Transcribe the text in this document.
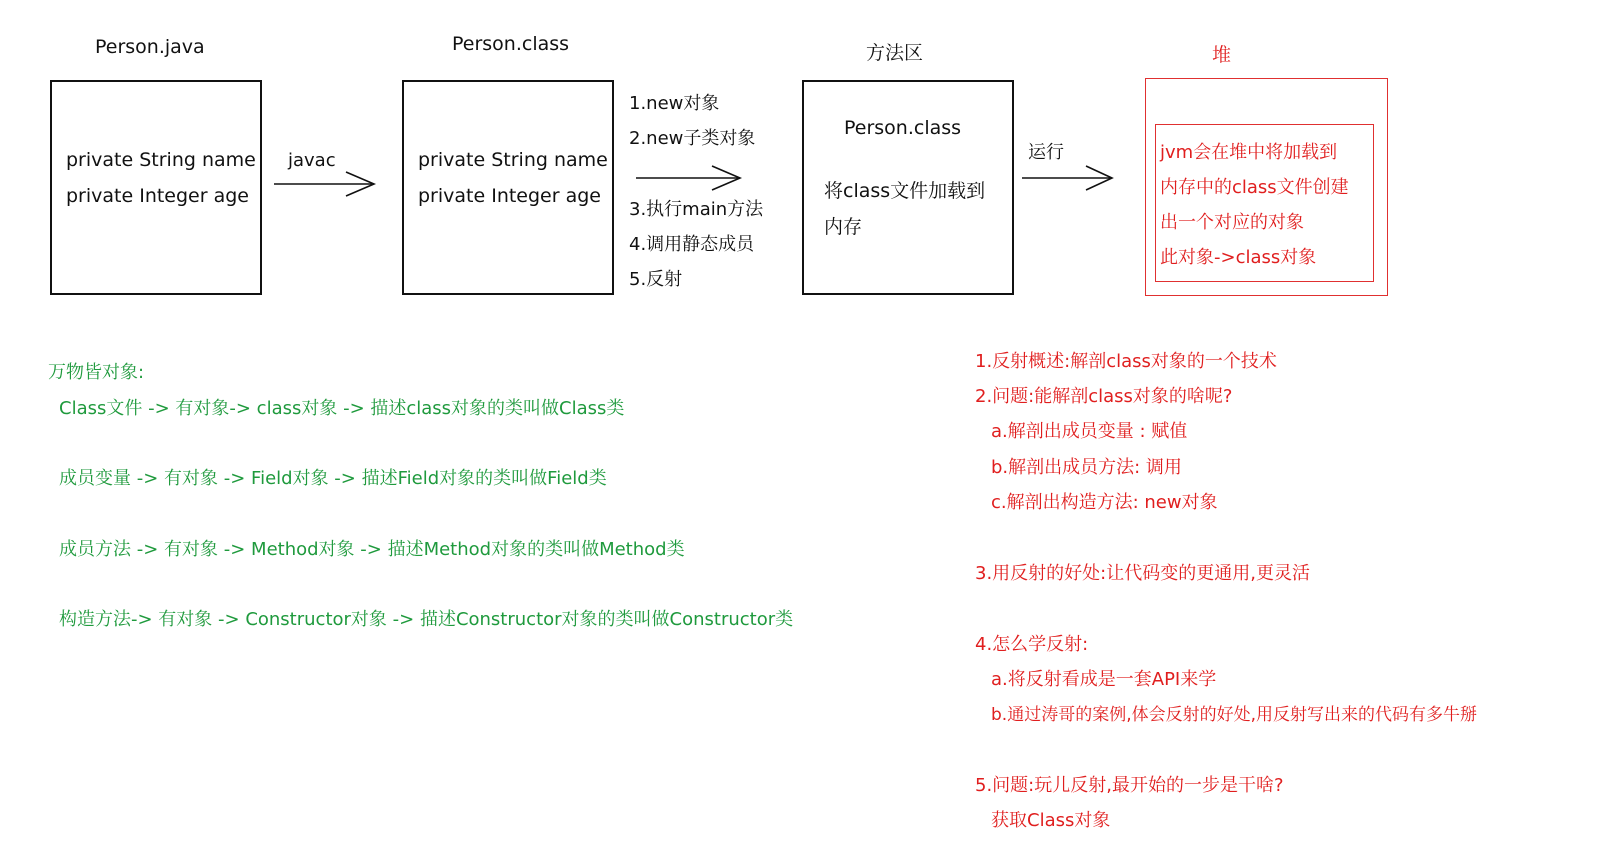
Person.java	Person.class	方法区	堆
private String name
private Integer age
javac	private String name
private Integer age
1.new对象
2.new子类对象
3.执行main方法
4.调用静态成员
5.反射
Person.class
将class文件加载到
内存
运行	jvm会在堆中将加载到
内存中的class文件创建
出一个对应的对象
此对象->class对象
万物皆对象:
Class文件 -> 有对象-> class对象 -> 描述class对象的类叫做Class类
成员变量 -> 有对象 -> Field对象 -> 描述Field对象的类叫做Field类
成员方法 -> 有对象 -> Method对象 -> 描述Method对象的类叫做Method类
构造方法-> 有对象 -> Constructor对象 -> 描述Constructor对象的类叫做Constructor类
1.反射概述:解剖class对象的一个技术
2.问题:能解剖class对象的啥呢?
a.解剖出成员变量 : 赋值
b.解剖出成员方法: 调用
c.解剖出构造方法: new对象
3.用反射的好处:让代码变的更通用,更灵活
4.怎么学反射:
a.将反射看成是一套API来学
b.通过涛哥的案例,体会反射的好处,用反射写出来的代码有多牛掰
5.问题:玩儿反射,最开始的一步是干啥?
获取Class对象
